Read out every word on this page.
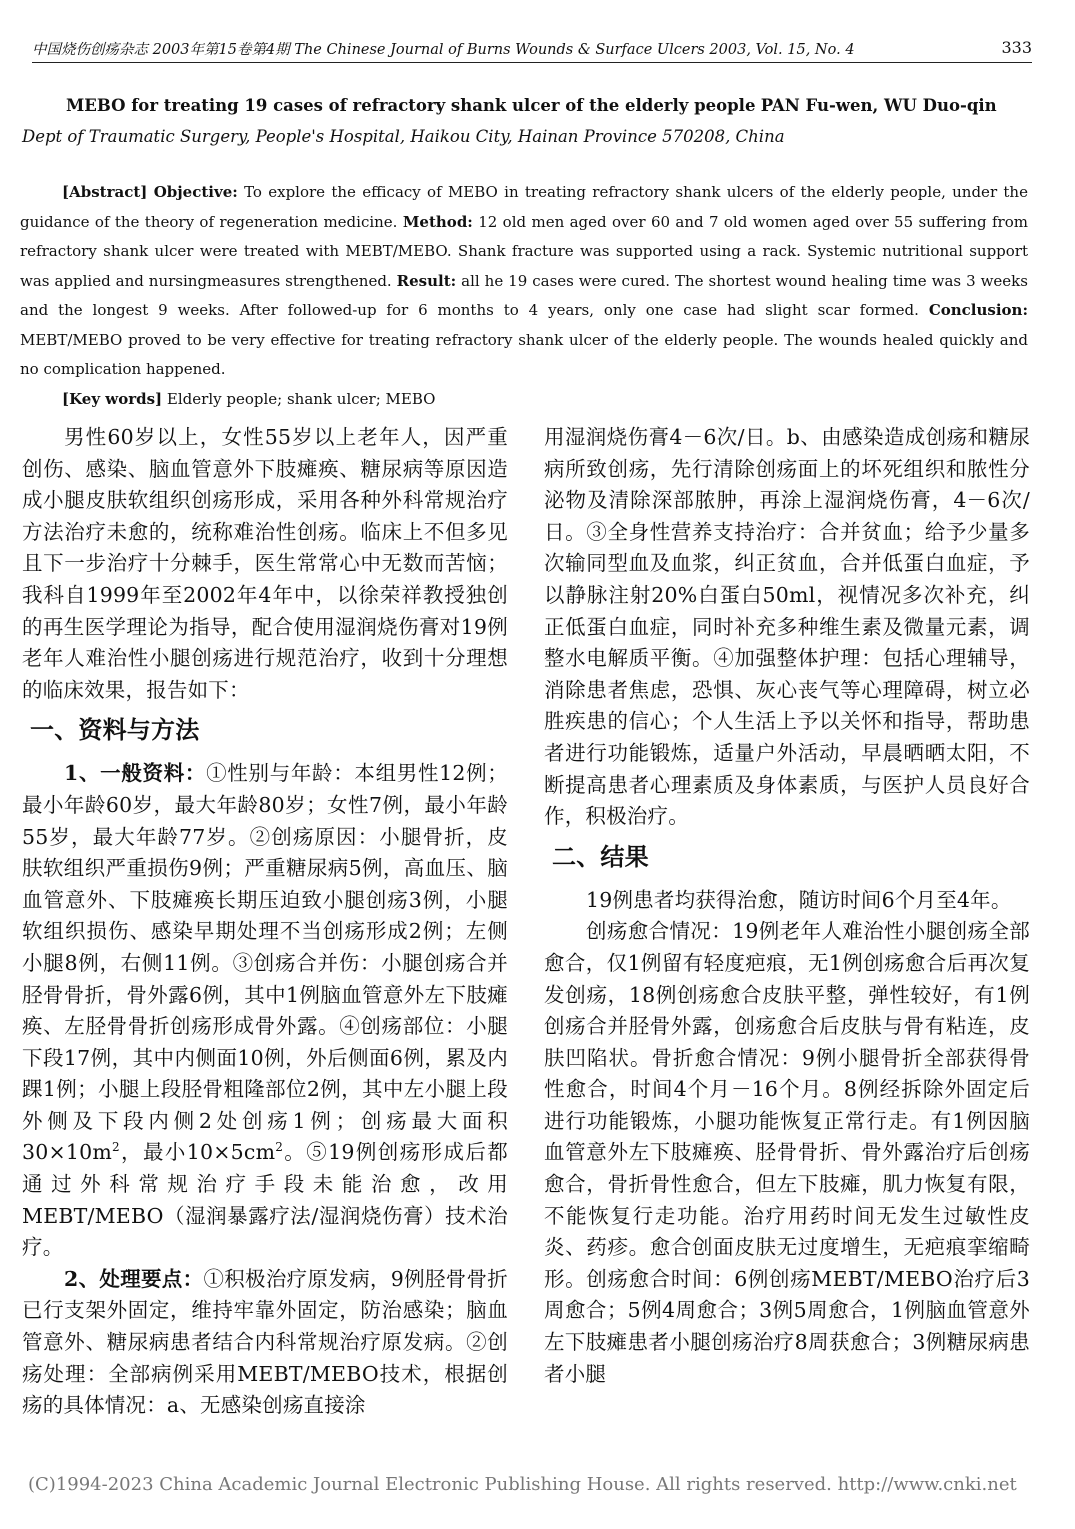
中国烧伤创疡杂志 2003年第15卷第4期 The Chinese Journal of Burns Wounds & Surface Ulcers 2003, Vol. 15, No. 4	333
MEBO for treating 19 cases of refractory shank ulcer of the elderly people PAN Fu-wen, WU Duo-qin Dept of Traumatic Surgery, People's Hospital, Haikou City, Hainan Province 570208, China

[Abstract] Objective: To explore the efficacy of MEBO in treating refractory shank ulcers of the elderly people, under the guidance of the theory of regeneration medicine. Method: 12 old men aged over 60 and 7 old women aged over 55 suffering from refractory shank ulcer were treated with MEBT/MEBO. Shank fracture was supported using a rack. Systemic nutritional support was applied and nursingmeasures strengthened. Result: all he 19 cases were cured. The shortest wound healing time was 3 weeks and the longest 9 weeks. After followed-up for 6 months to 4 years, only one case had slight scar formed. Conclusion: MEBT/MEBO proved to be very effective for treating refractory shank ulcer of the elderly people. The wounds healed quickly and no complication happened.

[Key words] Elderly people; shank ulcer; MEBO

男性60岁以上，女性55岁以上老年人，因严重创伤、感染、脑血管意外下肢瘫痪、糖尿病等原因造成小腿皮肤软组织创疡形成，采用各种外科常规治疗方法治疗未愈的，统称难治性创疡。临床上不但多见且下一步治疗十分棘手，医生常常心中无数而苦恼；我科自1999年至2002年4年中，以徐荣祥教授独创的再生医学理论为指导，配合使用湿润烧伤膏对19例老年人难治性小腿创疡进行规范治疗，收到十分理想的临床效果，报告如下：

一、资料与方法

1、一般资料：①性别与年龄：本组男性12例；最小年龄60岁，最大年龄80岁；女性7例，最小年龄55岁，最大年龄77岁。②创疡原因：小腿骨折，皮肤软组织严重损伤9例；严重糖尿病5例，高血压、脑血管意外、下肢瘫痪长期压迫致小腿创疡3例，小腿软组织损伤、感染早期处理不当创疡形成2例；左侧小腿8例，右侧11例。③创疡合并伤：小腿创疡合并胫骨骨折，骨外露6例，其中1例脑血管意外左下肢瘫痪、左胫骨骨折创疡形成骨外露。④创疡部位：小腿下段17例，其中内侧面10例，外后侧面6例，累及内踝1例；小腿上段胫骨粗隆部位2例，其中左小腿上段外侧及下段内侧2处创疡1例；创疡最大面积$30\times 10m^2$，最小$10\times 5cm^2$。⑤19例创疡形成后都通过外科常规治疗手段未能治愈，改用MEBT/MEBO（湿润暴露疗法/湿润烧伤膏）技术治疗。

2、处理要点：①积极治疗原发病，9例胫骨骨折已行支架外固定，维持牢靠外固定，防治感染；脑血管意外、糖尿病患者结合内科常规治疗原发病。②创疡处理：全部病例采用MEBT/MEBO技术，根据创疡的具体情况：a、无感染创疡直接涂

用湿润烧伤膏4－6次/日。b、由感染造成创疡和糖尿病所致创疡，先行清除创疡面上的坏死组织和脓性分泌物及清除深部脓肿，再涂上湿润烧伤膏，4－6次/日。③全身性营养支持治疗：合并贫血；给予少量多次输同型血及血浆，纠正贫血，合并低蛋白血症，予以静脉注射20%白蛋白50ml，视情况多次补充，纠正低蛋白血症，同时补充多种维生素及微量元素，调整水电解质平衡。④加强整体护理：包括心理辅导，消除患者焦虑，恐惧、灰心丧气等心理障碍，树立必胜疾患的信心；个人生活上予以关怀和指导，帮助患者进行功能锻炼，适量户外活动，早晨晒晒太阳，不断提高患者心理素质及身体素质，与医护人员良好合作，积极治疗。

二、结果

19例患者均获得治愈，随访时间6个月至4年。

创疡愈合情况：19例老年人难治性小腿创疡全部愈合，仅1例留有轻度疤痕，无1例创疡愈合后再次复发创疡，18例创疡愈合皮肤平整，弹性较好，有1例创疡合并胫骨外露，创疡愈合后皮肤与骨有粘连，皮肤凹陷状。骨折愈合情况：9例小腿骨折全部获得骨性愈合，时间4个月－16个月。8例经拆除外固定后进行功能锻炼，小腿功能恢复正常行走。有1例因脑血管意外左下肢瘫痪、胫骨骨折、骨外露治疗后创疡愈合，骨折骨性愈合，但左下肢瘫，肌力恢复有限，不能恢复行走功能。治疗用药时间无发生过敏性皮炎、药疹。愈合创面皮肤无过度增生，无疤痕挛缩畸形。创疡愈合时间：6例创疡MEBT/MEBO治疗后3周愈合；5例4周愈合；3例5周愈合，1例脑血管意外左下肢瘫患者小腿创疡治疗8周获愈合；3例糖尿病患者小腿

(C)1994-2023 China Academic Journal Electronic Publishing House. All rights reserved. http://www.cnki.net
